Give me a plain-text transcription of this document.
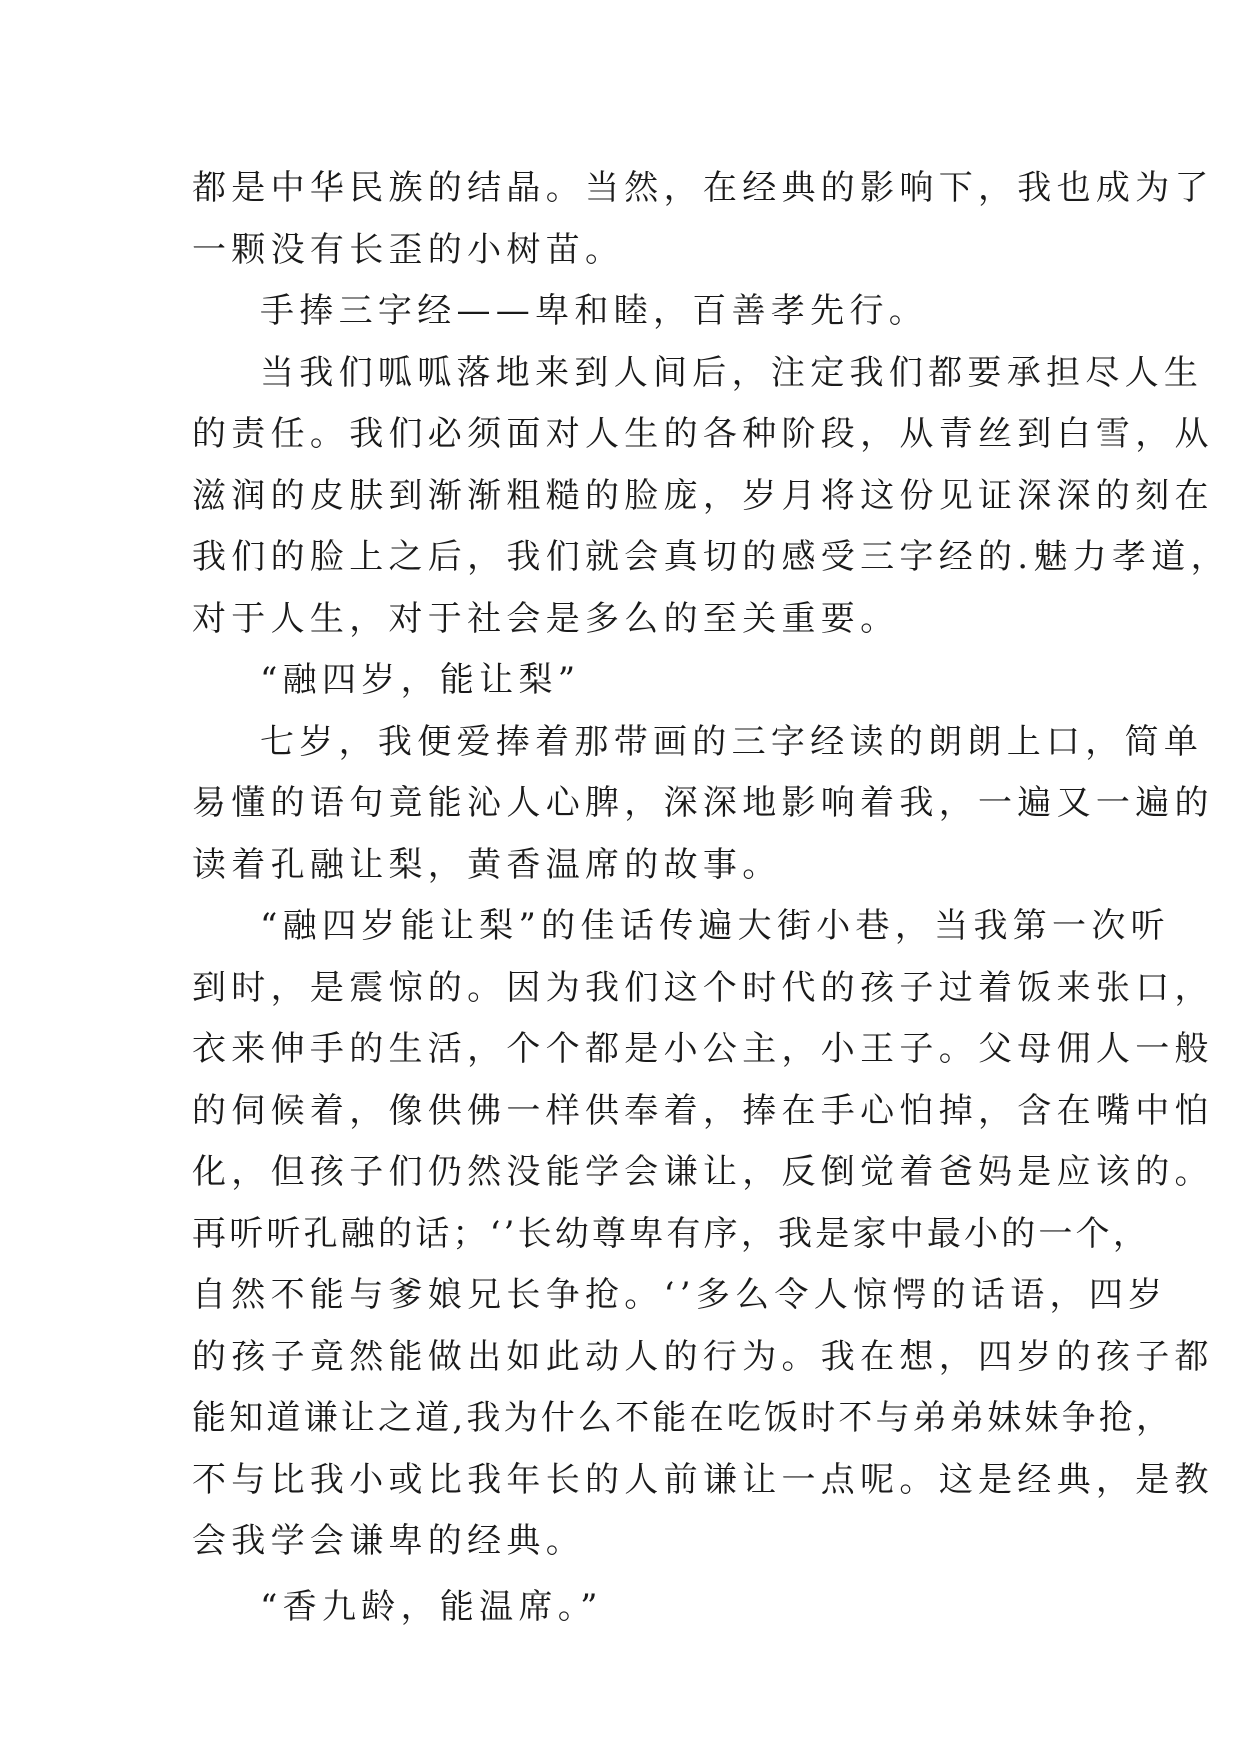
都是中华民族的结晶。当然，在经典的影响下，我也成为了
一颗没有长歪的小树苗。
手捧三字经——卑和睦，百善孝先行。
当我们呱呱落地来到人间后，注定我们都要承担尽人生
的责任。我们必须面对人生的各种阶段，从青丝到白雪，从
滋润的皮肤到渐渐粗糙的脸庞，岁月将这份见证深深的刻在
我们的脸上之后，我们就会真切的感受三字经的.魅力孝道，
对于人生，对于社会是多么的至关重要。
“融四岁，能让梨”
七岁，我便爱捧着那带画的三字经读的朗朗上口，简单
易懂的语句竟能沁人心脾，深深地影响着我，一遍又一遍的
读着孔融让梨，黄香温席的故事。
“融四岁能让梨”的佳话传遍大街小巷，当我第一次听
到时，是震惊的。因为我们这个时代的孩子过着饭来张口，
衣来伸手的生活，个个都是小公主，小王子。父母佣人一般
的伺候着，像供佛一样供奉着，捧在手心怕掉，含在嘴中怕
化，但孩子们仍然没能学会谦让，反倒觉着爸妈是应该的。
再听听孔融的话；‘’长幼尊卑有序，我是家中最小的一个，
自然不能与爹娘兄长争抢。‘’多么令人惊愕的话语，四岁
的孩子竟然能做出如此动人的行为。我在想，四岁的孩子都
能知道谦让之道,我为什么不能在吃饭时不与弟弟妹妹争抢，
不与比我小或比我年长的人前谦让一点呢。这是经典，是教
会我学会谦卑的经典。
“香九龄，能温席。”
